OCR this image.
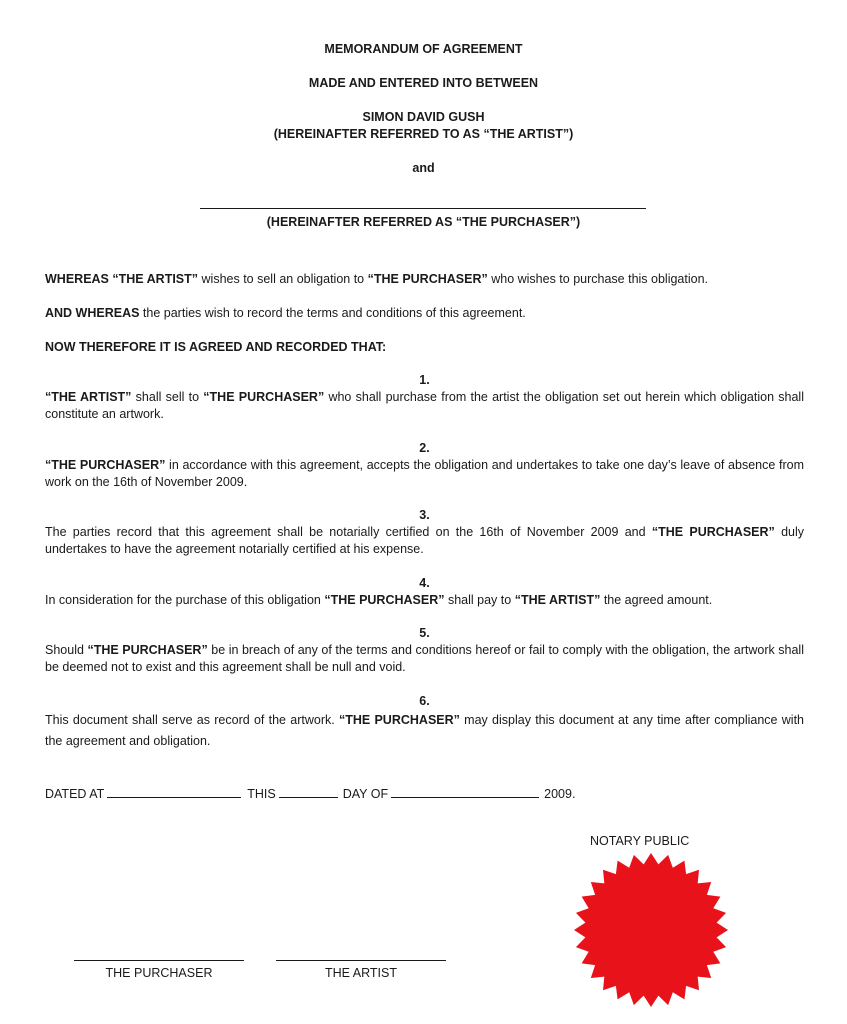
MEMORANDUM OF AGREEMENT
MADE AND ENTERED INTO BETWEEN
SIMON DAVID GUSH
(HEREINAFTER REFERRED TO AS “THE ARTIST”)
and
(HEREINAFTER REFERRED AS “THE PURCHASER”)
WHEREAS “THE ARTIST” wishes to sell an obligation to “THE PURCHASER” who wishes to purchase this obligation.
AND WHEREAS the parties wish to record the terms and conditions of this agreement.
NOW THEREFORE IT IS AGREED AND RECORDED THAT:
1.
“THE ARTIST” shall sell to “THE PURCHASER” who shall purchase from the artist the obligation set out herein which obligation shall constitute an artwork.
2.
“THE PURCHASER” in accordance with this agreement, accepts the obligation and undertakes to take one day’s leave of absence from work on the 16th of November 2009.
3.
The parties record that this agreement shall be notarially certified on the 16th of November 2009 and “THE PURCHASER” duly undertakes to have the agreement notarially certified at his expense.
4.
In consideration for the purchase of this obligation “THE PURCHASER” shall pay to “THE ARTIST” the agreed amount.
5.
Should “THE PURCHASER” be in breach of any of the terms and conditions hereof or fail to comply with the obligation, the artwork shall be deemed not to exist and this agreement shall be null and void.
6.
This document shall serve as record of the artwork. “THE PURCHASER” may display this document at any time after compliance with the agreement and obligation.
DATED AT	THIS	DAY OF	2009.
NOTARY PUBLIC
THE PURCHASER	THE ARTIST
